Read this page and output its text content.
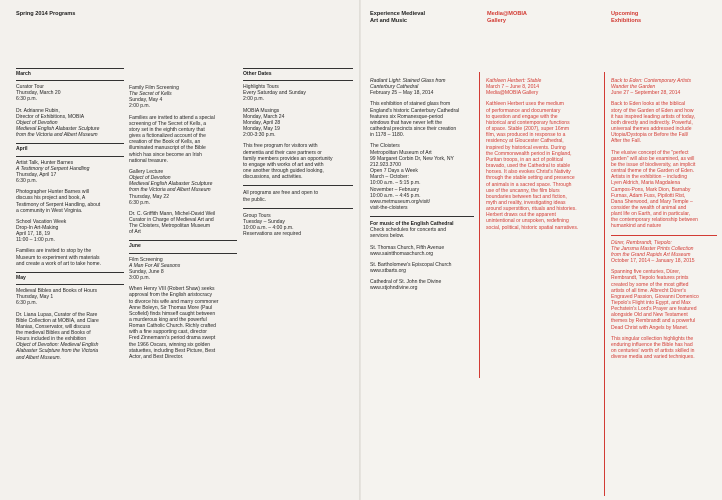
Spring 2014 Programs
March

Curator Tour

Thursday, March 20

6:30 p.m.

Dr. Adrianne Rubin,

Director of Exhibitions, MOBIA

Object of Devotion

Medieval English Alabaster Sculpture

from the Victoria and Albert Museum

April

Artist Talk, Hunter Barnes

A Testimony of Serpent Handling

Thursday, April 17

6:30 p.m.

Photographer Hunter Barnes will

discuss his project and book, A

Testimony of Serpent Handling, about

a community in West Virginia.

School Vacation Week

Drop-In Art-Making

April 17, 18, 19

11:00 – 1:00 p.m.

Families are invited to stop by the

Museum to experiment with materials

and create a work of art to take home.

May

Medieval Bibles and Books of Hours

Thursday, May 1

6:30 p.m.

Dr. Liana Lupas, Curator of the Rare

Bible Collection at MOBIA, and Clare

Manias, Conservator, will discuss

the medieval Bibles and Books of

Hours included in the exhibition

Object of Devotion: Medieval English

Alabaster Sculpture from the Victoria

and Albert Museum.

Family Film Screening

The Secret of Kells

Sunday, May 4

2:00 p.m.

Families are invited to attend a special

screening of The Secret of Kells, a

story set in the eighth century that

gives a fictionalized account of the

creation of the Book of Kells, an

illuminated manuscript of the Bible

which has since become an Irish

national treasure.

Gallery Lecture

Object of Devotion

Medieval English Alabaster Sculpture

from the Victoria and Albert Museum

Thursday, May 22

6:30 p.m.

Dr. C. Griffith Mann, Michel-David Weil

Curator in Charge of Medieval Art and

The Cloisters, Metropolitan Museum

of Art

June

Film Screening

A Man For All Seasons

Sunday, June 8

3:00 p.m.

When Henry VIII (Robert Shaw) seeks

approval from the English aristocracy

to divorce his wife and marry commoner

Anne Boleyn, Sir Thomas More (Paul

Scofield) finds himself caught between

a murderous king and the powerful

Roman Catholic Church. Richly crafted

with a fine supporting cast, director

Fred Zinnemann's period drama swept

the 1966 Oscars, winning six golden

statuettes, including Best Picture, Best

Actor, and Best Director.

Other Dates

Highlights Tours

Every Saturday and Sunday

2:00 p.m.

MOBIA Musings

Monday, March 24

Monday, April 28

Monday, May 19

2:00-3:30 p.m.

This free program for visitors with

dementia and their care partners or

family members provides an opportunity

to engage with works of art and with

one another through guided looking,

discussions, and activities.

All programs are free and open to

the public.

Group Tours

Tuesday – Sunday

10:00 a.m. – 4:00 p.m.

Reservations are required

Experience Medieval
Art and Music
Media@MOBIA
Gallery
Upcoming
Exhibitions

Radiant Light: Stained Glass from

Canterbury Cathedral

February 25 – May 18, 2014

This exhibition of stained glass from

England's historic Canterbury Cathedral

features six Romanesque-period

windows that have never left the

cathedral precincts since their creation

in 1178 – 1180.

The Cloisters

Metropolitan Museum of Art

99 Margaret Corbin Dr, New York, NY

212.923.3700

Open 7 Days a Week

March – October:

10:00 a.m. – 5:15 p.m.

November – February

10:00 a.m. – 4:45 p.m.

www.metmuseum.org/visit/

visit-the-cloisters

For music of the English Cathedral

Check schedules for concerts and

services below.

St. Thomas Church, Fifth Avenue

www.saintthomaschurch.org

St. Bartholomew's Episcopal Church

www.stbarts.org

Cathedral of St. John the Divine

www.stjohndivine.org

Kathleen Herbert: Stable

March 7 – June 8, 2014

Media@MOBIA Gallery

Kathleen Herbert uses the medium

of performance and documentary

to question and engage with the

historical and contemporary functions

of space. Stable (2007), super 16mm

film, was produced in response to a

residency at Gloucester Cathedral,

inspired by historical events. During

the Commonwealth period in England,

Puritan troops, in an act of political

bravado, used the Cathedral to stable

horses. It also evokes Christ's Nativity

through the stable setting and presence

of animals in a sacred space. Through

use of the uncanny, the film blurs

boundaries between fact and fiction,

myth and reality, investigating ideas

around superstition, rituals and histories.

Herbert draws out the apparent

unintentional or unspoken, redefining

social, political, historic spatial narratives.

Back to Eden: Contemporary Artists

Wander the Garden

June 27 – September 28, 2014

Back to Eden looks at the biblical

story of the Garden of Eden and how

it has inspired leading artists of today,

both directly and indirectly. Powerful,

universal themes addressed include

Utopia/Dystopia or Before the Fall/

After the Fall.

The elusive concept of the "perfect

garden" will also be examined, as will

be the issue of biodiversity, an implicit

central theme of the Garden of Eden.

Artists in the exhibition – including

Lyen Aldrich, Maria Magdalena

Campos-Pons, Mark Dion, Barnaby

Furnas, Adam Fuss, Pipilotti Rist,

Dana Sherwood, and Mary Temple –

consider the wealth of animal and

plant life on Earth, and in particular,

the contemporary relationship between

humankind and nature

Dürer, Rembrandt, Tiepolo:

The Jansma Master Prints Collection

from the Grand Rapids Art Museum

October 17, 2014 – January 18, 2015

Spanning five centuries, Dürer,

Rembrandt, Tiepolo features prints

created by some of the most gifted

artists of all time. Albrecht Dürer's

Engraved Passion, Giovanni Domenico

Tiepolo's Flight into Egypt, and Max

Pechstein's Lord's Prayer are featured

alongside Old and New Testament

themes by Rembrandt and a powerful

Dead Christ with Angels by Manet.

This singular collection highlights the

enduring influence the Bible has had

on centuries' worth of artists skilled in

diverse media and varied techniques.
